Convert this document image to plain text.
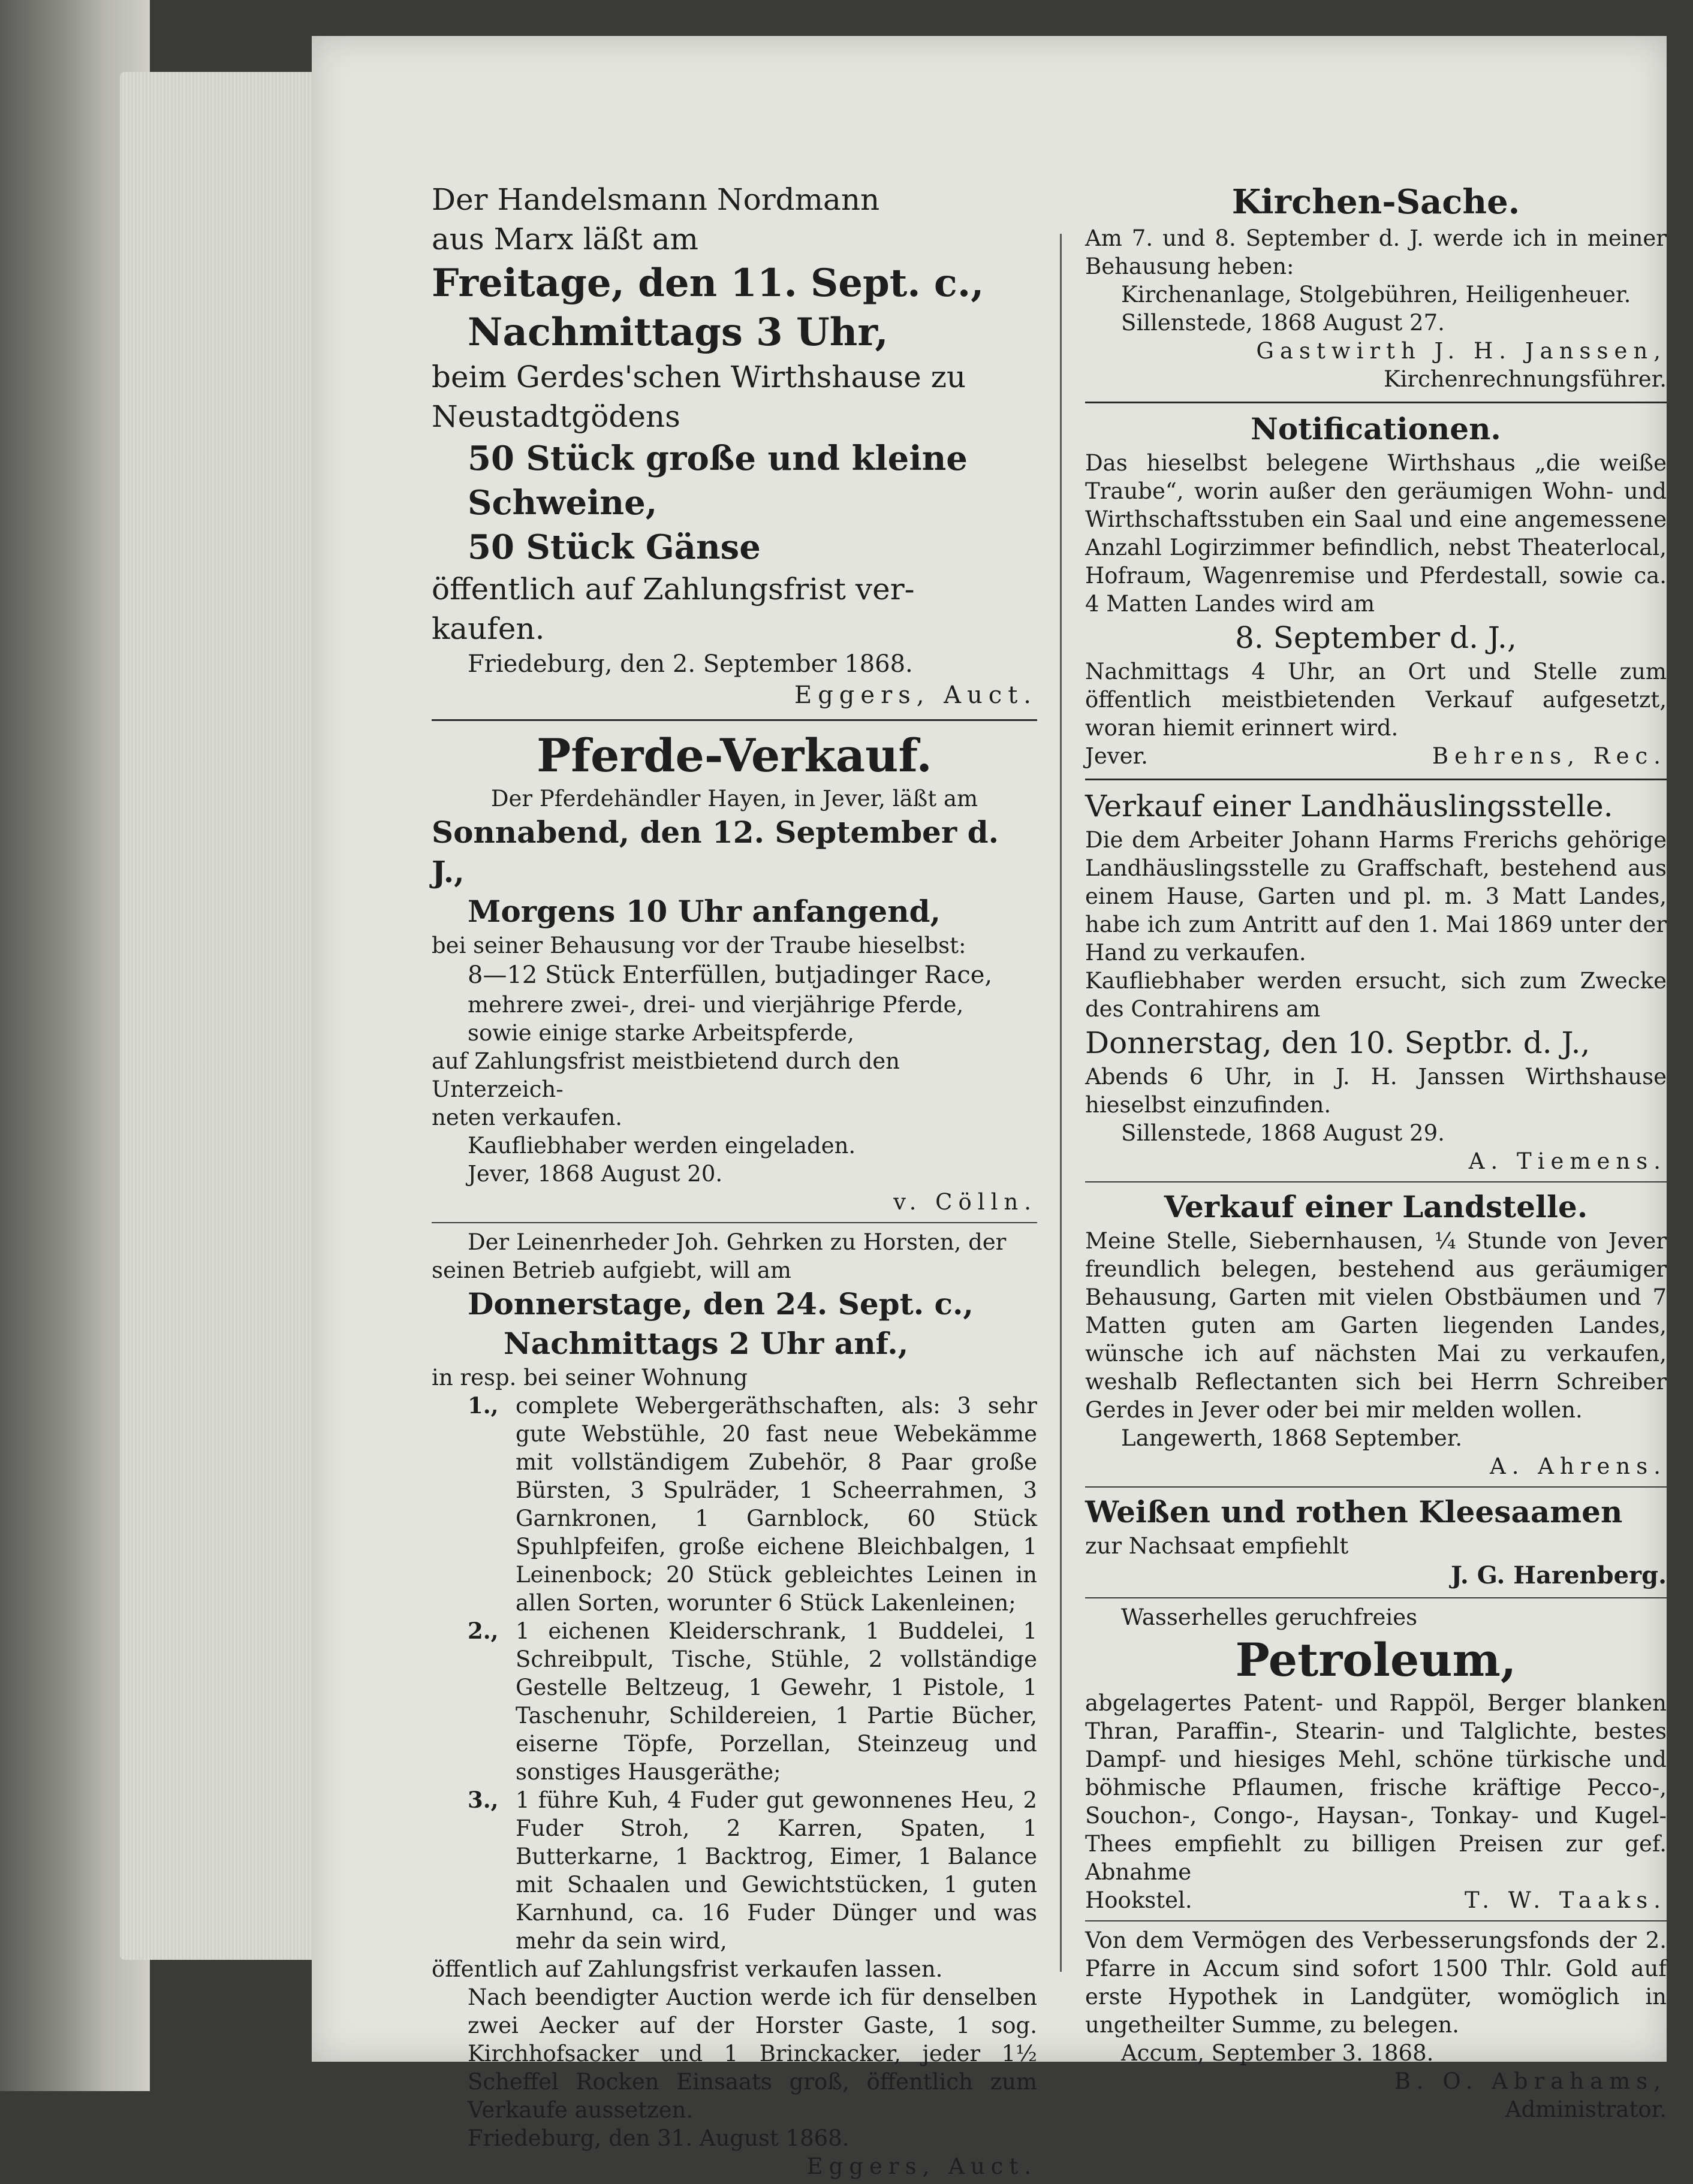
Der Handelsmann Nordmann

aus Marx läßt am

Freitage, den 11. Sept. c.,

Nachmittags 3 Uhr,

beim Gerdes'schen Wirthshause zu

Neustadtgödens

50 Stück große und kleine

Schweine,

50 Stück Gänse

öffentlich auf Zahlungsfrist ver-

kaufen.

Friedeburg, den 2. September 1868.

Eggers, Auct.

Pferde-Verkauf.

Der Pferdehändler Hayen, in Jever, läßt am

Sonnabend, den 12. September d. J.,

Morgens 10 Uhr anfangend,

bei seiner Behausung vor der Traube hieselbst:

8—12 Stück Enterfüllen, butjadinger Race,

mehrere zwei-, drei- und vierjährige Pferde,

sowie einige starke Arbeitspferde,

auf Zahlungsfrist meistbietend durch den Unterzeich-

neten verkaufen.

Kaufliebhaber werden eingeladen.

Jever, 1868 August 20.

v. Cölln.

Der Leinenrheder Joh. Gehrken zu Horsten, der

seinen Betrieb aufgiebt, will am

Donnerstage, den 24. Sept. c.,

Nachmittags 2 Uhr anf.,

in resp. bei seiner Wohnung

1., complete Webergeräthschaften, als: 3 sehr gute Webstühle, 20 fast neue Webekämme mit vollständigem Zubehör, 8 Paar große Bürsten, 3 Spulräder, 1 Scheerrahmen, 3 Garnkronen, 1 Garnblock, 60 Stück Spuhlpfeifen, große eichene Bleichbalgen, 1 Leinenbock; 20 Stück gebleichtes Leinen in allen Sorten, worunter 6 Stück Lakenleinen;

2., 1 eichenen Kleiderschrank, 1 Buddelei, 1 Schreibpult, Tische, Stühle, 2 vollständige Gestelle Beltzeug, 1 Gewehr, 1 Pistole, 1 Taschenuhr, Schildereien, 1 Partie Bücher, eiserne Töpfe, Porzellan, Steinzeug und sonstiges Hausgeräthe;

3., 1 führe Kuh, 4 Fuder gut gewonnenes Heu, 2 Fuder Stroh, 2 Karren, Spaten, 1 Butterkarne, 1 Backtrog, Eimer, 1 Balance mit Schaalen und Gewichtstücken, 1 guten Karnhund, ca. 16 Fuder Dünger und was mehr da sein wird,

öffentlich auf Zahlungsfrist verkaufen lassen.

Nach beendigter Auction werde ich für denselben zwei Aecker auf der Horster Gaste, 1 sog. Kirchhofsacker und 1 Brinckacker, jeder 1½ Scheffel Rocken Einsaats groß, öffentlich zum Verkaufe aussetzen.

Friedeburg, den 31. August 1868.

Eggers, Auct.

Kirchen-Sache.

Am 7. und 8. September d. J. werde ich in meiner Behausung heben:

Kirchenanlage, Stolgebühren, Heiligenheuer.

Sillenstede, 1868 August 27.

Gastwirth J. H. Janssen,

Kirchenrechnungsführer.

Notificationen.

Das hieselbst belegene Wirthshaus „die weiße Traube“, worin außer den geräumigen Wohn- und Wirthschaftsstuben ein Saal und eine angemessene Anzahl Logirzimmer befindlich, nebst Theaterlocal, Hofraum, Wagenremise und Pferdestall, sowie ca. 4 Matten Landes wird am

8. September d. J.,

Nachmittags 4 Uhr, an Ort und Stelle zum öffentlich meistbietenden Verkauf aufgesetzt, woran hiemit erinnert wird.

Jever.	Behrens, Rec.

Verkauf einer Landhäuslingsstelle.

Die dem Arbeiter Johann Harms Frerichs gehörige Landhäuslingsstelle zu Graffschaft, bestehend aus einem Hause, Garten und pl. m. 3 Matt Landes, habe ich zum Antritt auf den 1. Mai 1869 unter der Hand zu verkaufen.

Kaufliebhaber werden ersucht, sich zum Zwecke des Contrahirens am

Donnerstag, den 10. Septbr. d. J.,

Abends 6 Uhr, in J. H. Janssen Wirthshause hieselbst einzufinden.

Sillenstede, 1868 August 29.

A. Tiemens.

Verkauf einer Landstelle.

Meine Stelle, Siebernhausen, ¼ Stunde von Jever freundlich belegen, bestehend aus geräumiger Behausung, Garten mit vielen Obstbäumen und 7 Matten guten am Garten liegenden Landes, wünsche ich auf nächsten Mai zu verkaufen, weshalb Reflectanten sich bei Herrn Schreiber Gerdes in Jever oder bei mir melden wollen.

Langewerth, 1868 September.

A. Ahrens.

Weißen und rothen Kleesaamen

zur Nachsaat empfiehlt

J. G. Harenberg.

Wasserhelles geruchfreies

Petroleum,

abgelagertes Patent- und Rappöl, Berger blanken Thran, Paraffin-, Stearin- und Talglichte, bestes Dampf- und hiesiges Mehl, schöne türkische und böhmische Pflaumen, frische kräftige Pecco-, Souchon-, Congo-, Haysan-, Tonkay- und Kugel-Thees empfiehlt zu billigen Preisen zur gef. Abnahme

Hookstel.	T. W. Taaks.

Von dem Vermögen des Verbesserungsfonds der 2. Pfarre in Accum sind sofort 1500 Thlr. Gold auf erste Hypothek in Landgüter, womöglich in ungetheilter Summe, zu belegen.

Accum, September 3. 1868.

B. O. Abrahams,

Administrator.
